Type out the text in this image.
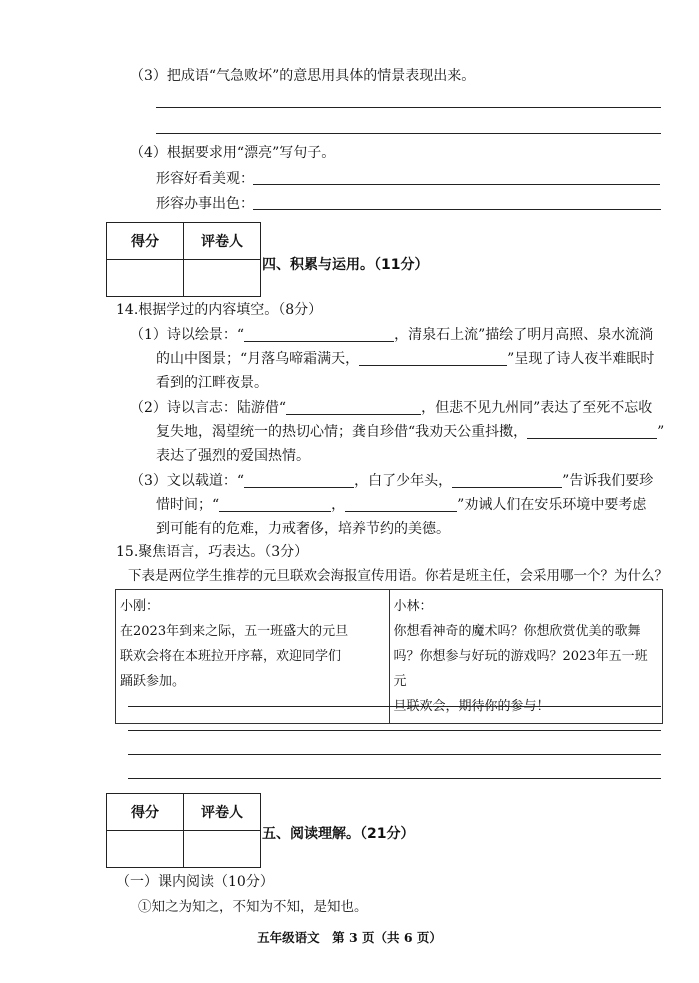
（3）把成语“气急败坏”的意思用具体的情景表现出来。
（4）根据要求用“漂亮”写句子。
形容好看美观：
形容办事出色：
得分	评卷人

四、积累与运用。（11分）
14.根据学过的内容填空。（8分）
（1）诗以绘景：“	，清泉石上流”描绘了明月高照、泉水流淌
的山中图景；“月落乌啼霜满天，	”呈现了诗人夜半难眠时
看到的江畔夜景。
（2）诗以言志：陆游借“	，但悲不见九州同”表达了至死不忘收
复失地，渴望统一的热切心情；龚自珍借“我劝天公重抖擞，	”
表达了强烈的爱国热情。
（3）文以载道：“	，白了少年头，	”告诉我们要珍
惜时间；“	，	”劝诫人们在安乐环境中要考虑
到可能有的危难，力戒奢侈，培养节约的美德。
15.聚焦语言，巧表达。（3分）
下表是两位学生推荐的元旦联欢会海报宣传用语。你若是班主任，会采用哪一个？为什么？
小刚：
在2023年到来之际，五一班盛大的元旦
联欢会将在本班拉开序幕，欢迎同学们
踊跃参加。

小林：
你想看神奇的魔术吗？你想欣赏优美的歌舞
吗？你想参与好玩的游戏吗？2023年五一班元
旦联欢会，期待你的参与！
得分	评卷人

五、阅读理解。（21分）
（一）课内阅读（10分）
①知之为知之，不知为不知，是知也。
五年级语文　第 3 页（共 6 页）
